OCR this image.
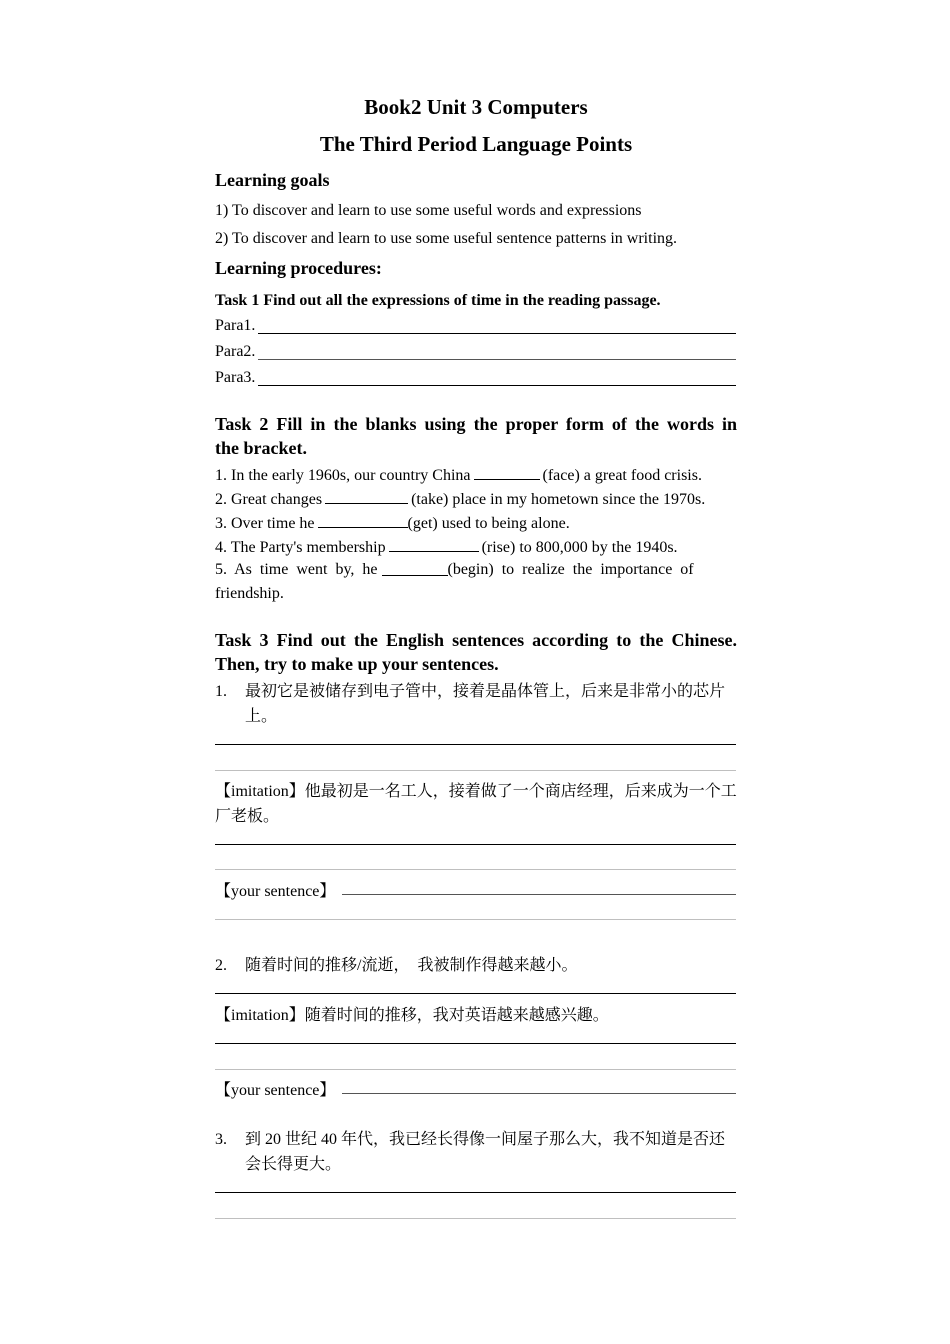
Book2 Unit 3 Computers
The Third Period Language Points
Learning goals
1) To discover and learn to use some useful words and expressions
2) To discover and learn to use some useful sentence patterns in writing.
Learning procedures:
Task 1 Find out all the expressions of time in the reading passage.
Para1.
Para2.
Para3.
Task 2 Fill in the blanks using the proper form of the words in
the bracket.
1. In the early 1960s, our country China	(face) a great food crisis.
2. Great changes	(take) place in my hometown since the 1970s.
3. Over time he	(get) used to being alone.
4. The Party's membership	(rise) to 800,000 by the 1940s.
5.  As  time  went  by,  he	(begin)  to  realize  the  importance  of
friendship.
Task 3 Find out the English sentences according to the Chinese.
Then, try to make up your sentences.
1. 最初它是被储存到电子管中，接着是晶体管上，后来是非常小的芯片
上。
【imitation】他最初是一名工人，接着做了一个商店经理，后来成为一个工
厂老板。
【your sentence】
2. 随着时间的推移/流逝，  我被制作得越来越小。
【imitation】随着时间的推移，我对英语越来越感兴趣。
【your sentence】
3. 到 20 世纪 40 年代，我已经长得像一间屋子那么大，我不知道是否还
会长得更大。
